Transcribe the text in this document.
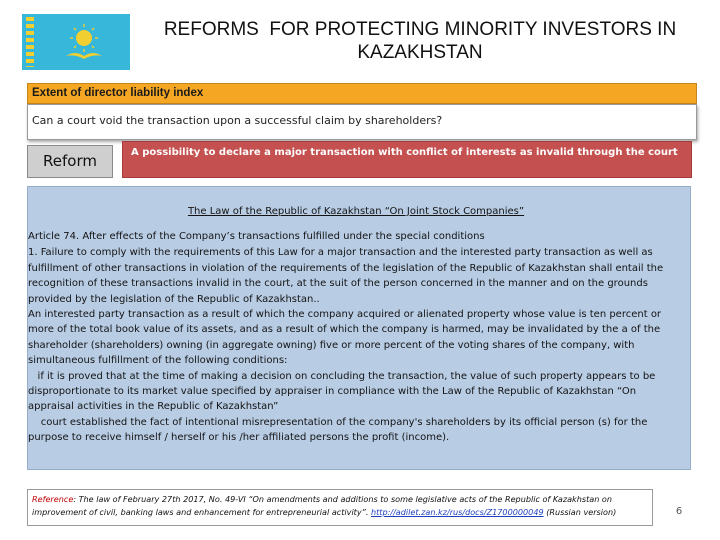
REFORMS  FOR PROTECTING MINORITY INVESTORS IN
KAZAKHSTAN
Extent of director liability index
Can a court void the transaction upon a successful claim by shareholders?
Reform	A possibility to declare a major transaction with conflict of interests as invalid through the court
The Law of the Republic of Kazakhstan “On Joint Stock Companies”
Article 74. After effects of the Company’s transactions fulfilled under the special conditions
1. Failure to comply with the requirements of this Law for a major transaction and the interested party transaction as well as fulfillment of other transactions in violation of the requirements of the legislation of the Republic of Kazakhstan shall entail the recognition of these transactions invalid in the court, at the suit of the person concerned in the manner and on the grounds provided by the legislation of the Republic of Kazakhstan..
An interested party transaction as a result of which the company acquired or alienated property whose value is ten percent or more of the total book value of its assets, and as a result of which the company is harmed, may be invalidated by the a of the shareholder (shareholders) owning (in aggregate owning) five or more percent of the voting shares of the company, with simultaneous fulfillment of the following conditions:
if it is proved that at the time of making a decision on concluding the transaction, the value of such property appears to be disproportionate to its market value specified by appraiser in compliance with the Law of the Republic of Kazakhstan “On appraisal activities in the Republic of Kazakhstan”
court established the fact of intentional misrepresentation of the company's shareholders by its official person (s) for the purpose to receive himself / herself or his /her affiliated persons the profit (income).
Reference: The law of February 27th 2017, No. 49-VI “On amendments and additions to some legislative acts of the Republic of Kazakhstan on
improvement of civil, banking laws and enhancement for entrepreneurial activity”. http://adilet.zan.kz/rus/docs/Z1700000049 (Russian version)	6
